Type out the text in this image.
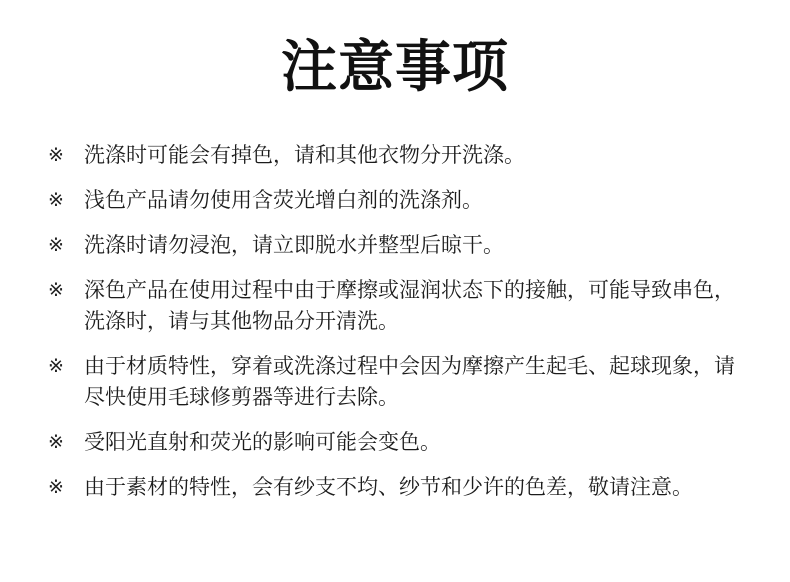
注意事项
※ 洗涤时可能会有掉色，请和其他衣物分开洗涤。
※ 浅色产品请勿使用含荧光增白剂的洗涤剂。
※ 洗涤时请勿浸泡，请立即脱水并整型后晾干。
※ 深色产品在使用过程中由于摩擦或湿润状态下的接触，可能导致串色，洗涤时，请与其他物品分开清洗。
※ 由于材质特性，穿着或洗涤过程中会因为摩擦产生起毛、起球现象，请尽快使用毛球修剪器等进行去除。
※ 受阳光直射和荧光的影响可能会变色。
※ 由于素材的特性，会有纱支不均、纱节和少许的色差，敬请注意。
